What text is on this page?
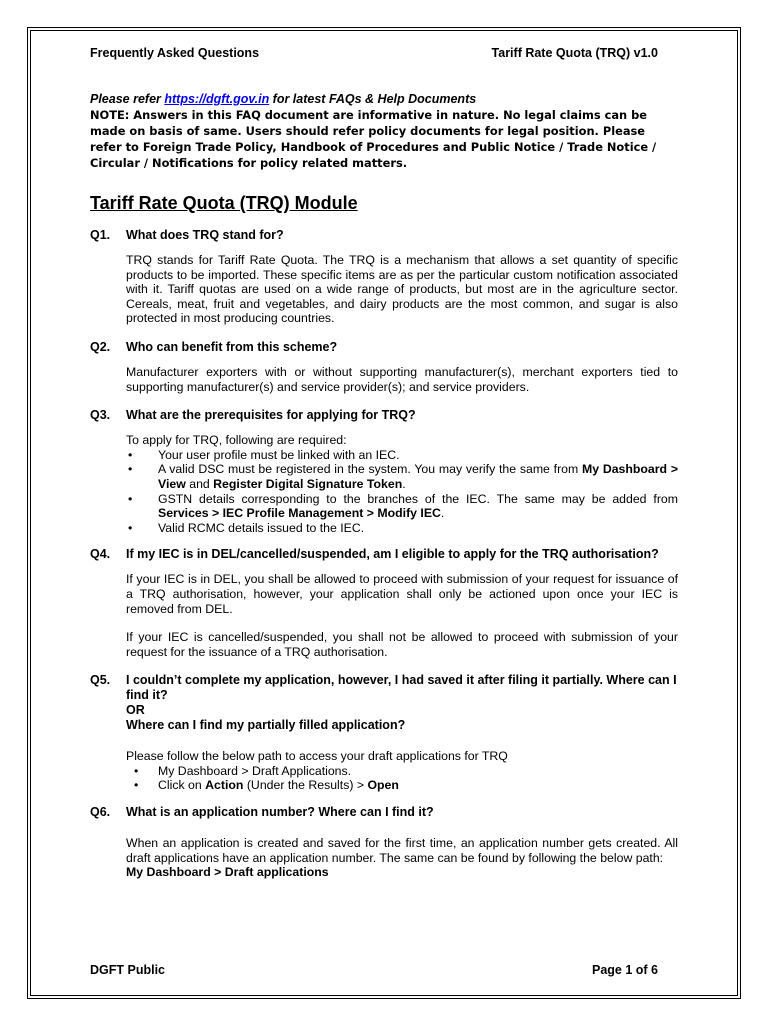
Frequently Asked Questions	Tariff Rate Quota (TRQ) v1.0
Please refer https://dgft.gov.in for latest FAQs & Help Documents

NOTE: Answers in this FAQ document are informative in nature. No legal claims can be made on basis of same. Users should refer policy documents for legal position. Please refer to Foreign Trade Policy, Handbook of Procedures and Public Notice / Trade Notice / Circular / Notifications for policy related matters.

Tariff Rate Quota (TRQ) Module
Q1.	What does TRQ stand for?

TRQ stands for Tariff Rate Quota. The TRQ is a mechanism that allows a set quantity of specific products to be imported. These specific items are as per the particular custom notification associated with it. Tariff quotas are used on a wide range of products, but most are in the agriculture sector. Cereals, meat, fruit and vegetables, and dairy products are the most common, and sugar is also protected in most producing countries.

Q2.	Who can benefit from this scheme?

Manufacturer exporters with or without supporting manufacturer(s), merchant exporters tied to supporting manufacturer(s) and service provider(s); and service providers.

Q3.	What are the prerequisites for applying for TRQ?
To apply for TRQ, following are required:
• Your user profile must be linked with an IEC.
• A valid DSC must be registered in the system. You may verify the same from My Dashboard > View and Register Digital Signature Token.
• GSTN details corresponding to the branches of the IEC. The same may be added from Services > IEC Profile Management > Modify IEC.
• Valid RCMC details issued to the IEC.
Q4.	If my IEC is in DEL/cancelled/suspended, am I eligible to apply for the TRQ authorisation?

If your IEC is in DEL, you shall be allowed to proceed with submission of your request for issuance of a TRQ authorisation, however, your application shall only be actioned upon once your IEC is removed from DEL.

If your IEC is cancelled/suspended, you shall not be allowed to proceed with submission of your request for the issuance of a TRQ authorisation.

Q5.	I couldn’t complete my application, however, I had saved it after filing it partially. Where can I find it?
OR
Where can I find my partially filled application?
Please follow the below path to access your draft applications for TRQ
• My Dashboard > Draft Applications.
• Click on Action (Under the Results) > Open
Q6.	What is an application number? Where can I find it?
When an application is created and saved for the first time, an application number gets created. All draft applications have an application number. The same can be found by following the below path:
My Dashboard > Draft applications
DGFT Public	Page 1 of 6
